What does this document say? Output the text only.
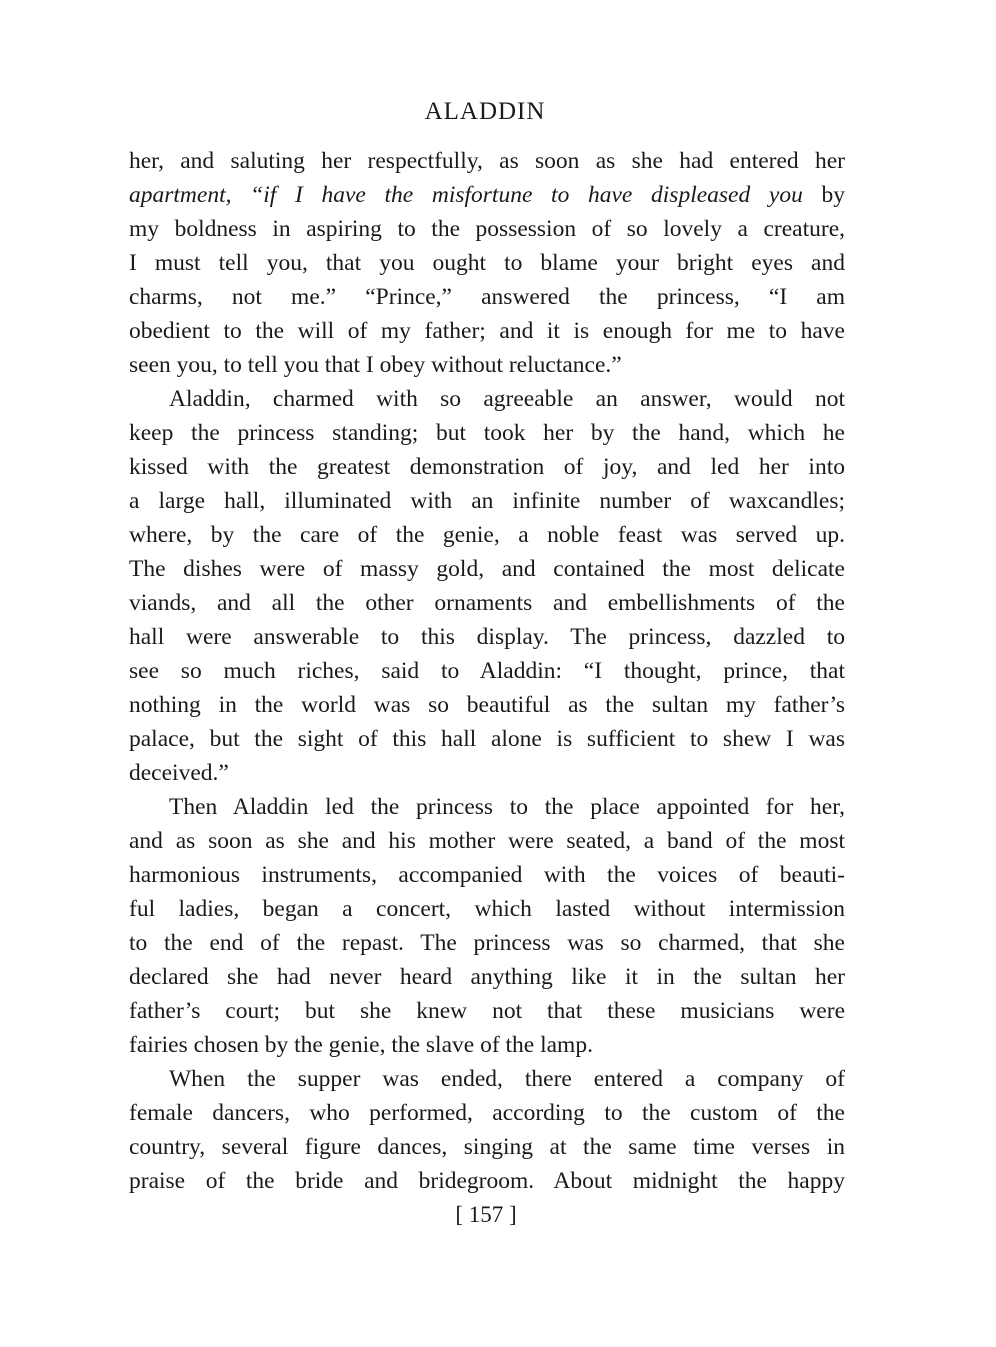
ALADDIN
her, and saluting her respectfully, as soon as she had entered her
apartment, “if I have the misfortune to have displeased you by
my boldness in aspiring to the possession of so lovely a creature,
I must tell you, that you ought to blame your bright eyes and
charms, not me.” “Prince,” answered the princess, “I am
obedient to the will of my father; and it is enough for me to have
seen you, to tell you that I obey without reluctance.”
Aladdin, charmed with so agreeable an answer, would not
keep the princess standing; but took her by the hand, which he
kissed with the greatest demonstration of joy, and led her into
a large hall, illuminated with an infinite number of waxcandles;
where, by the care of the genie, a noble feast was served up.
The dishes were of massy gold, and contained the most delicate
viands, and all the other ornaments and embellishments of the
hall were answerable to this display. The princess, dazzled to
see so much riches, said to Aladdin: “I thought, prince, that
nothing in the world was so beautiful as the sultan my father’s
palace, but the sight of this hall alone is sufficient to shew I was
deceived.”
Then Aladdin led the princess to the place appointed for her,
and as soon as she and his mother were seated, a band of the most
harmonious instruments, accompanied with the voices of beauti-
ful ladies, began a concert, which lasted without intermission
to the end of the repast. The princess was so charmed, that she
declared she had never heard anything like it in the sultan her
father’s court; but she knew not that these musicians were
fairies chosen by the genie, the slave of the lamp.
When the supper was ended, there entered a company of
female dancers, who performed, according to the custom of the
country, several figure dances, singing at the same time verses in
praise of the bride and bridegroom. About midnight the happy
[ 157 ]
